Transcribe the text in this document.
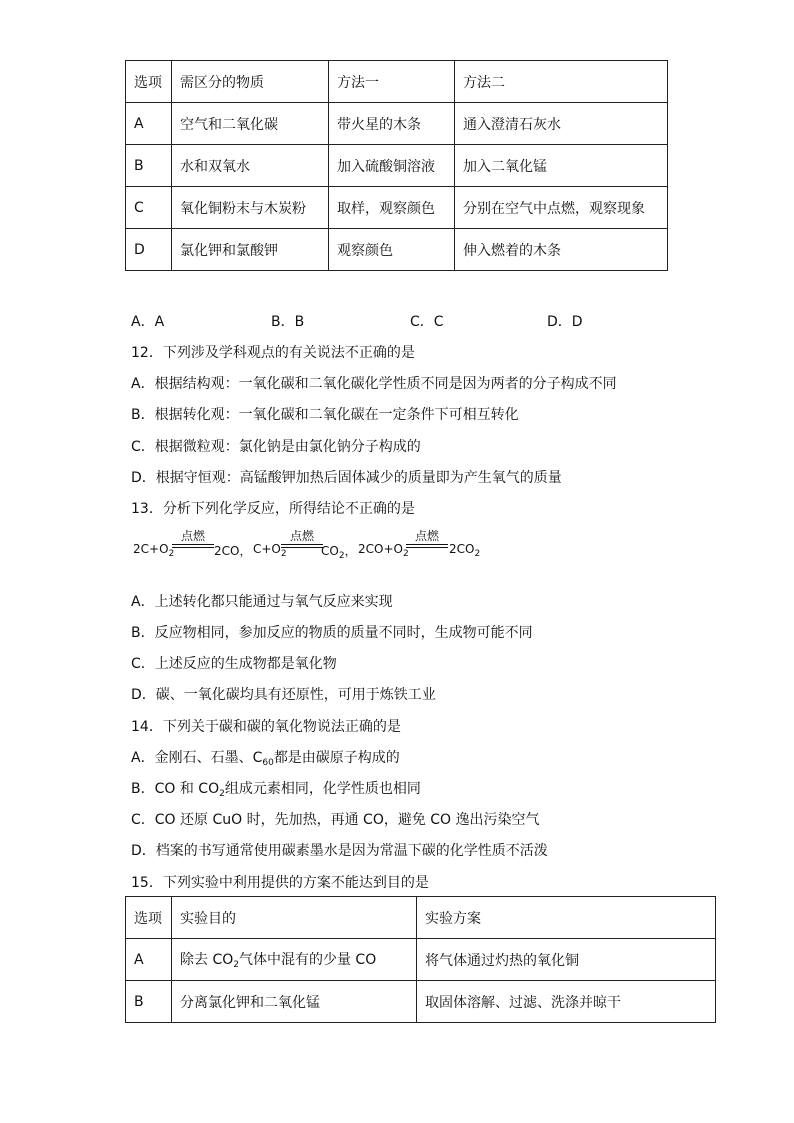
选项	需区分的物质	方法一	方法二
A	空气和二氧化碳	带火星的木条	通入澄清石灰水
B	水和双氧水	加入硫酸铜溶液	加入二氧化锰
C	氧化铜粉末与木炭粉	取样，观察颜色	分别在空气中点燃，观察现象
D	氯化钾和氯酸钾	观察颜色	伸入燃着的木条
A．A	B．B	C．C	D．D
12．下列涉及学科观点的有关说法不正确的是
A．根据结构观：一氧化碳和二氧化碳化学性质不同是因为两者的分子构成不同
B．根据转化观：一氧化碳和二氧化碳在一定条件下可相互转化
C．根据微粒观：氯化钠是由氯化钠分子构成的
D．根据守恒观：高锰酸钾加热后固体减少的质量即为产生氧气的质量
13．分析下列化学反应，所得结论不正确的是
$2C+O_2$
点燃
2CO， $C+O_2$
点燃
$CO_2$， $2CO+O_2$
点燃
$2CO_2$
A．上述转化都只能通过与氧气反应来实现
B．反应物相同，参加反应的物质的质量不同时，生成物可能不同
C．上述反应的生成物都是氧化物
D．碳、一氧化碳均具有还原性，可用于炼铁工业
14．下列关于碳和碳的氧化物说法正确的是
A．金刚石、石墨、$C_{60}$都是由碳原子构成的
B．CO 和 $CO_2$组成元素相同，化学性质也相同
C．CO 还原 CuO 时，先加热，再通 CO，避免 CO 逸出污染空气
D．档案的书写通常使用碳素墨水是因为常温下碳的化学性质不活泼
15．下列实验中利用提供的方案不能达到目的是
选项	实验目的	实验方案
A	除去 $CO_2$气体中混有的少量 CO	将气体通过灼热的氧化铜
B	分离氯化钾和二氧化锰	取固体溶解、过滤、洗涤并晾干
